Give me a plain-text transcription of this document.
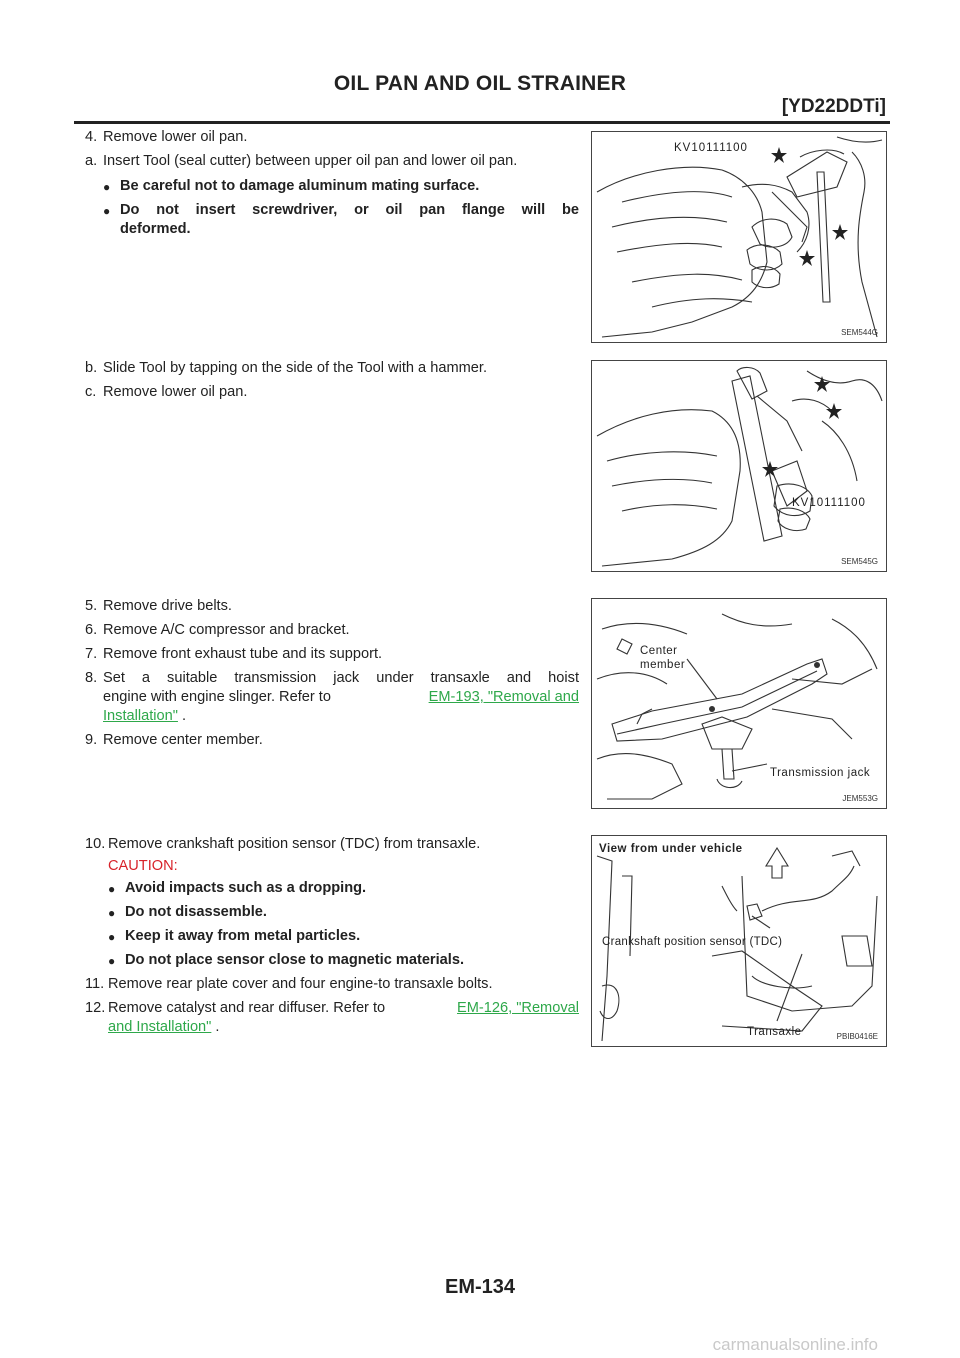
OIL PAN AND OIL STRAINER
[YD22DDTi]
4. Remove lower oil pan.
a. Insert Tool (seal cutter) between upper oil pan and lower oil pan.
● Be careful not to damage aluminum mating surface.
● Do not insert screwdriver, or oil pan flange will be
deformed.
b. Slide Tool by tapping on the side of the Tool with a hammer.
c. Remove lower oil pan.
5. Remove drive belts.
6. Remove A/C compressor and bracket.
7. Remove front exhaust tube and its support.
8. Set a suitable transmission jack under transaxle and hoist
engine with engine slinger. Refer to	EM-193, "Removal and
Installation" .
9. Remove center member.
10. Remove crankshaft position sensor (TDC) from transaxle.
CAUTION:
● Avoid impacts such as a dropping.
● Do not disassemble.
● Keep it away from metal particles.
● Do not place sensor close to magnetic materials.
11. Remove rear plate cover and four engine-to transaxle bolts.
12. Remove catalyst and rear diffuser. Refer to	EM-126, "Removal
and Installation" .
KV10111100
SEM544G
KV10111100
SEM545G
Center
member
Transmission jack
JEM553G
View from under vehicle
Crankshaft position sensor (TDC)
Transaxle	PBIB0416E
EM-134
carmanualsonline.info
